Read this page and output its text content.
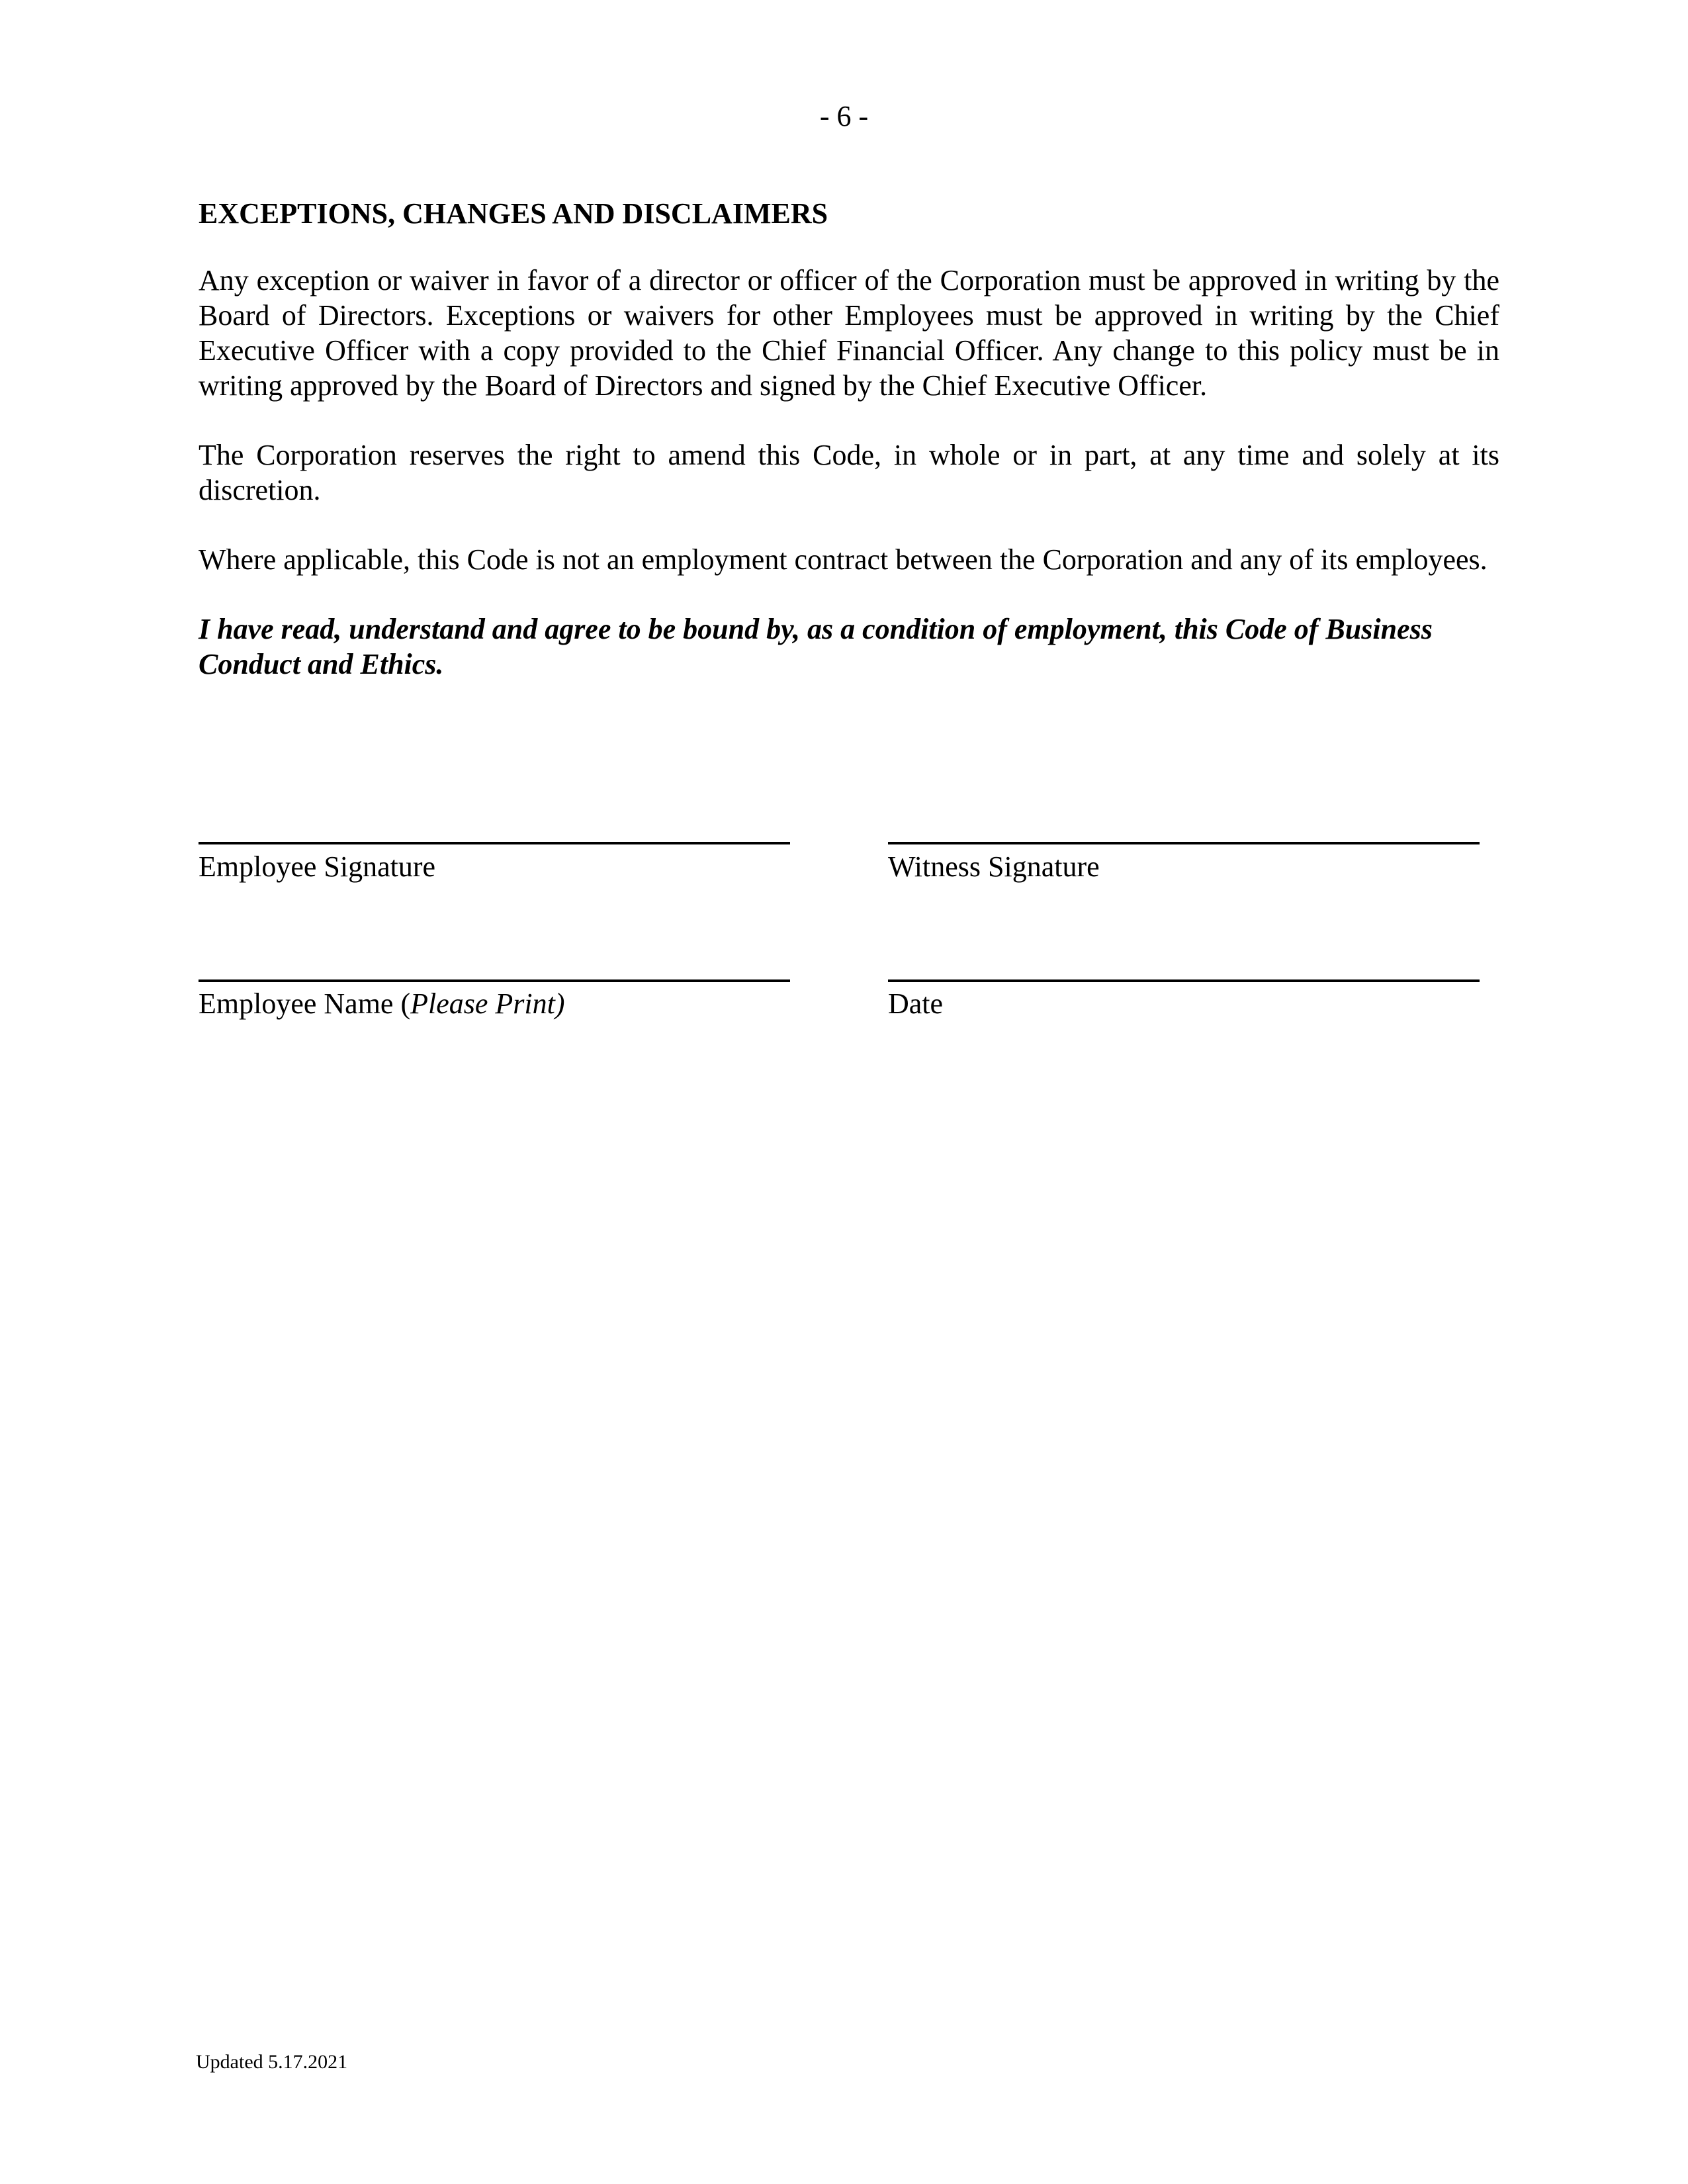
- 6 -

EXCEPTIONS, CHANGES AND DISCLAIMERS

Any exception or waiver in favor of a director or officer of the Corporation must be approved in writing by the Board of Directors. Exceptions or waivers for other Employees must be approved in writing by the Chief Executive Officer with a copy provided to the Chief Financial Officer. Any change to this policy must be in writing approved by the Board of Directors and signed by the Chief Executive Officer.

The Corporation reserves the right to amend this Code, in whole or in part, at any time and solely at its discretion.

Where applicable, this Code is not an employment contract between the Corporation and any of its employees.

I have read, understand and agree to be bound by, as a condition of employment, this Code of Business Conduct and Ethics.

Employee Signature	Witness Signature
Employee Name (Please Print)	Date
Updated 5.17.2021
